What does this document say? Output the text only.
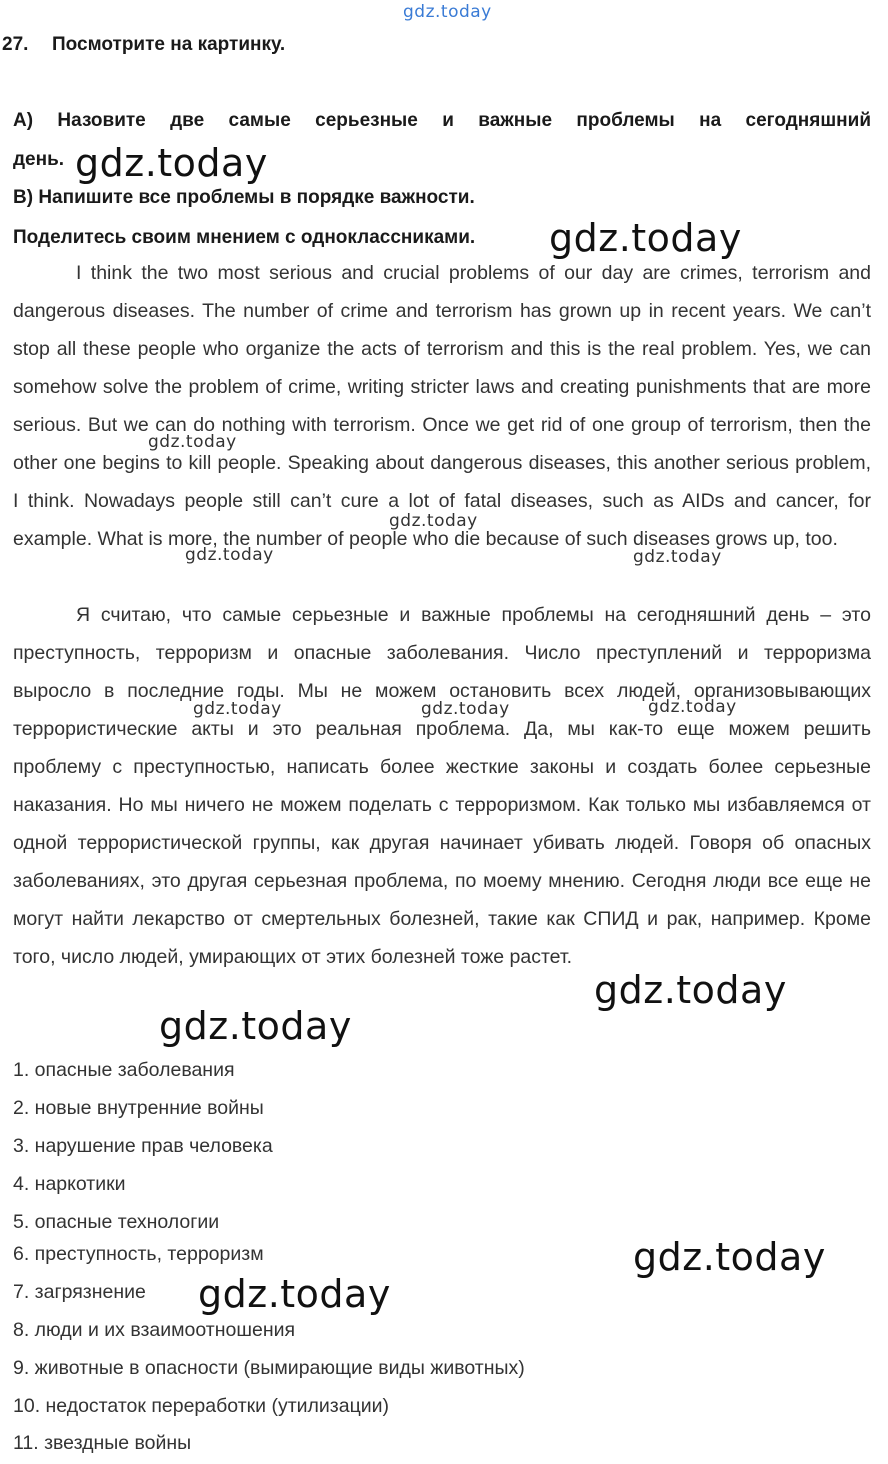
gdz.today
27. Посмотрите на картинку.
А) Назовите две самые серьезные и важные проблемы на сегодняшний
день.
В) Напишите все проблемы в порядке важности.
Поделитесь своим мнением с одноклассниками.

I think the two most serious and crucial problems of our day are crimes, terrorism and dangerous diseases. The number of crime and terrorism has grown up in recent years. We can’t stop all these people who organize the acts of terrorism and this is the real problem. Yes, we can somehow solve the problem of crime, writing stricter laws and creating punishments that are more serious. But we can do nothing with terrorism. Once we get rid of one group of terrorism, then the other one begins to kill people. Speaking about dangerous diseases, this another serious problem, I think. Nowadays people still can’t cure a lot of fatal diseases, such as AIDs and cancer, for example. What is more, the number of people who die because of such diseases grows up, too.

Я считаю, что самые серьезные и важные проблемы на сегодняшний день – это преступность, терроризм и опасные заболевания. Число преступлений и терроризма выросло в последние годы. Мы не можем остановить всех людей, организовывающих террористические акты и это реальная проблема. Да, мы как-то еще можем решить проблему с преступностью, написать более жесткие законы и создать более серьезные наказания. Но мы ничего не можем поделать с терроризмом. Как только мы избавляемся от одной террористической группы, как другая начинает убивать людей. Говоря об опасных заболеваниях, это другая серьезная проблема, по моему мнению. Сегодня люди все еще не могут найти лекарство от смертельных болезней, такие как СПИД и рак, например. Кроме того, число людей, умирающих от этих болезней тоже растет.

1. опасные заболевания
2. новые внутренние войны
3. нарушение прав человека
4. наркотики
5. опасные технологии
6. преступность, терроризм
7. загрязнение
8. люди и их взаимоотношения
9. животные в опасности (вымирающие виды животных)
10. недостаток переработки (утилизации)
11. звездные войны
gdz.today
gdz.today
gdz.today
gdz.today
gdz.today
gdz.today
gdz.today
gdz.today
gdz.today	gdz.today
gdz.today	gdz.today	gdz.today
